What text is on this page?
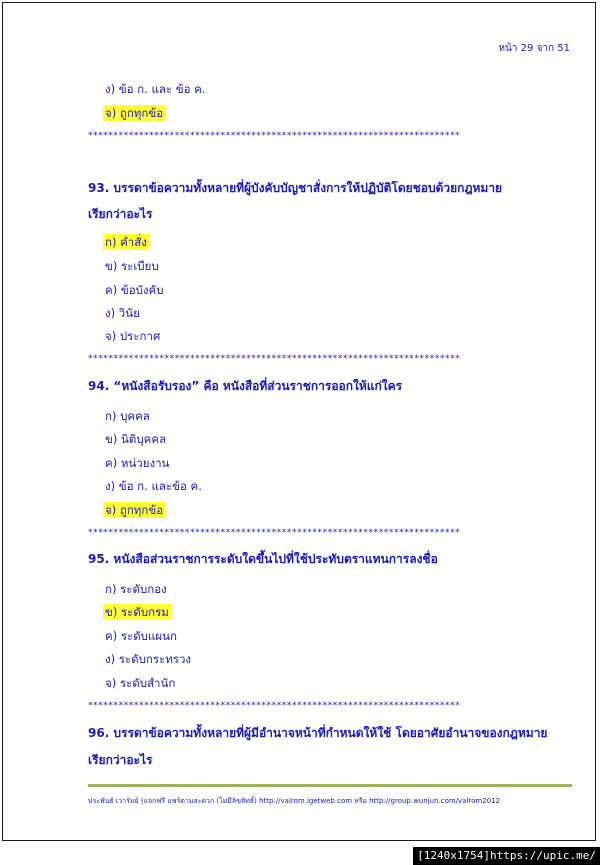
หน้า 29 จาก 51
ง) ข้อ ก. และ ข้อ ค.
จ) ถูกทุกข้อ
*************************************************************************
93. บรรดาข้อความทั้งหลายที่ผู้บังคับบัญชาสั่งการให้ปฏิบัติโดยชอบด้วยกฎหมาย
เรียกว่าอะไร
ก) คำสั่ง
ข) ระเบียบ
ค) ข้อบังคับ
ง) วินัย
จ) ประกาศ
*************************************************************************
94. “หนังสือรับรอง” คือ หนังสือที่ส่วนราชการออกให้แก่ใคร
ก) บุคคล
ข) นิติบุคคล
ค) หน่วยงาน
ง) ข้อ ก. และข้อ ค.
จ) ถูกทุกข้อ
*************************************************************************
95. หนังสือส่วนราชการระดับใดขึ้นไปที่ใช้ประทับตราแทนการลงชื่อ
ก) ระดับกอง
ข) ระดับกรม
ค) ระดับแผนก
ง) ระดับกระทรวง
จ) ระดับสำนัก
*************************************************************************
96. บรรดาข้อความทั้งหลายที่ผู้มีอำนาจหน้าที่กำหนดให้ใช้ โดยอาศัยอำนาจของกฎหมาย
เรียกว่าอะไร
ประพันธ์ เวารัมย์ (แจกฟรี แชร์ตามสะดวก (ไม่มีลิขสิทธิ์) http://valrom.igetweb.com หรือ http://group.wunjun.com/valrom2012
[1240x1754]https://upic.me/
